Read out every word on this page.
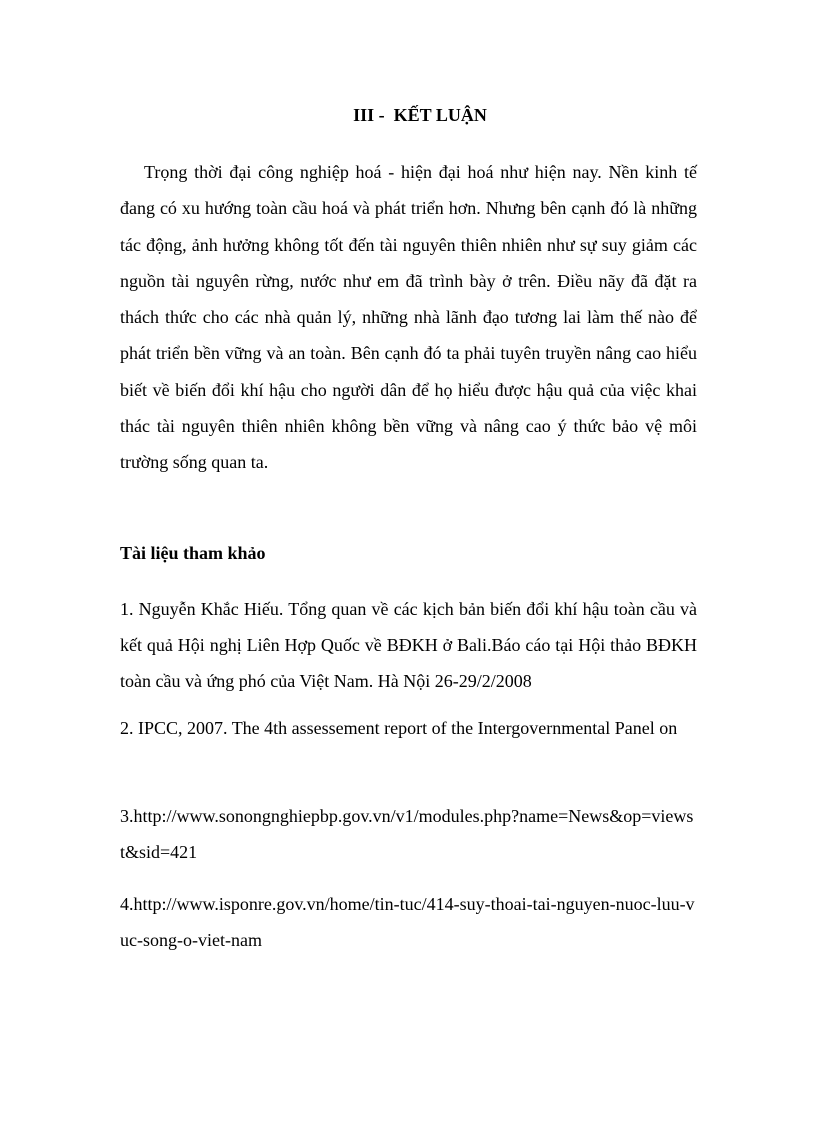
III -  KẾT LUẬN

Trọng thời đại công nghiệp hoá - hiện đại hoá như hiện nay. Nền kinh tế đang có xu hướng toàn cầu hoá và phát triển hơn. Nhưng bên cạnh đó là những tác động, ảnh hưởng không tốt đến tài nguyên thiên nhiên như sự suy giảm các nguồn tài nguyên rừng, nước như em đã trình bày ở trên. Điều nãy đã đặt ra thách thức cho các nhà quản lý, những nhà lãnh đạo tương lai làm thế nào để phát triển bền vững và an toàn. Bên cạnh đó ta phải tuyên truyền nâng cao hiểu biết về biến đổi khí hậu cho người dân để họ hiểu được hậu quả của việc khai thác tài nguyên thiên nhiên không bền vững và nâng cao ý thức bảo vệ môi trường sống quan ta.

Tài liệu tham khảo

1. Nguyễn Khắc Hiếu. Tổng quan về các kịch bản biến đổi khí hậu toàn cầu và kết quả Hội nghị Liên Hợp Quốc về BĐKH ở Bali.Báo cáo tại Hội thảo BĐKH toàn cầu và ứng phó của Việt Nam. Hà Nội 26-29/2/2008

2. IPCC, 2007. The 4th assessement report of the Intergovernmental Panel on

3.http://www.sonongnghiepbp.gov.vn/v1/modules.php?name=News&op=viewst&sid=421

4.http://www.isponre.gov.vn/home/tin-tuc/414-suy-thoai-tai-nguyen-nuoc-luu-vuc-song-o-viet-nam
